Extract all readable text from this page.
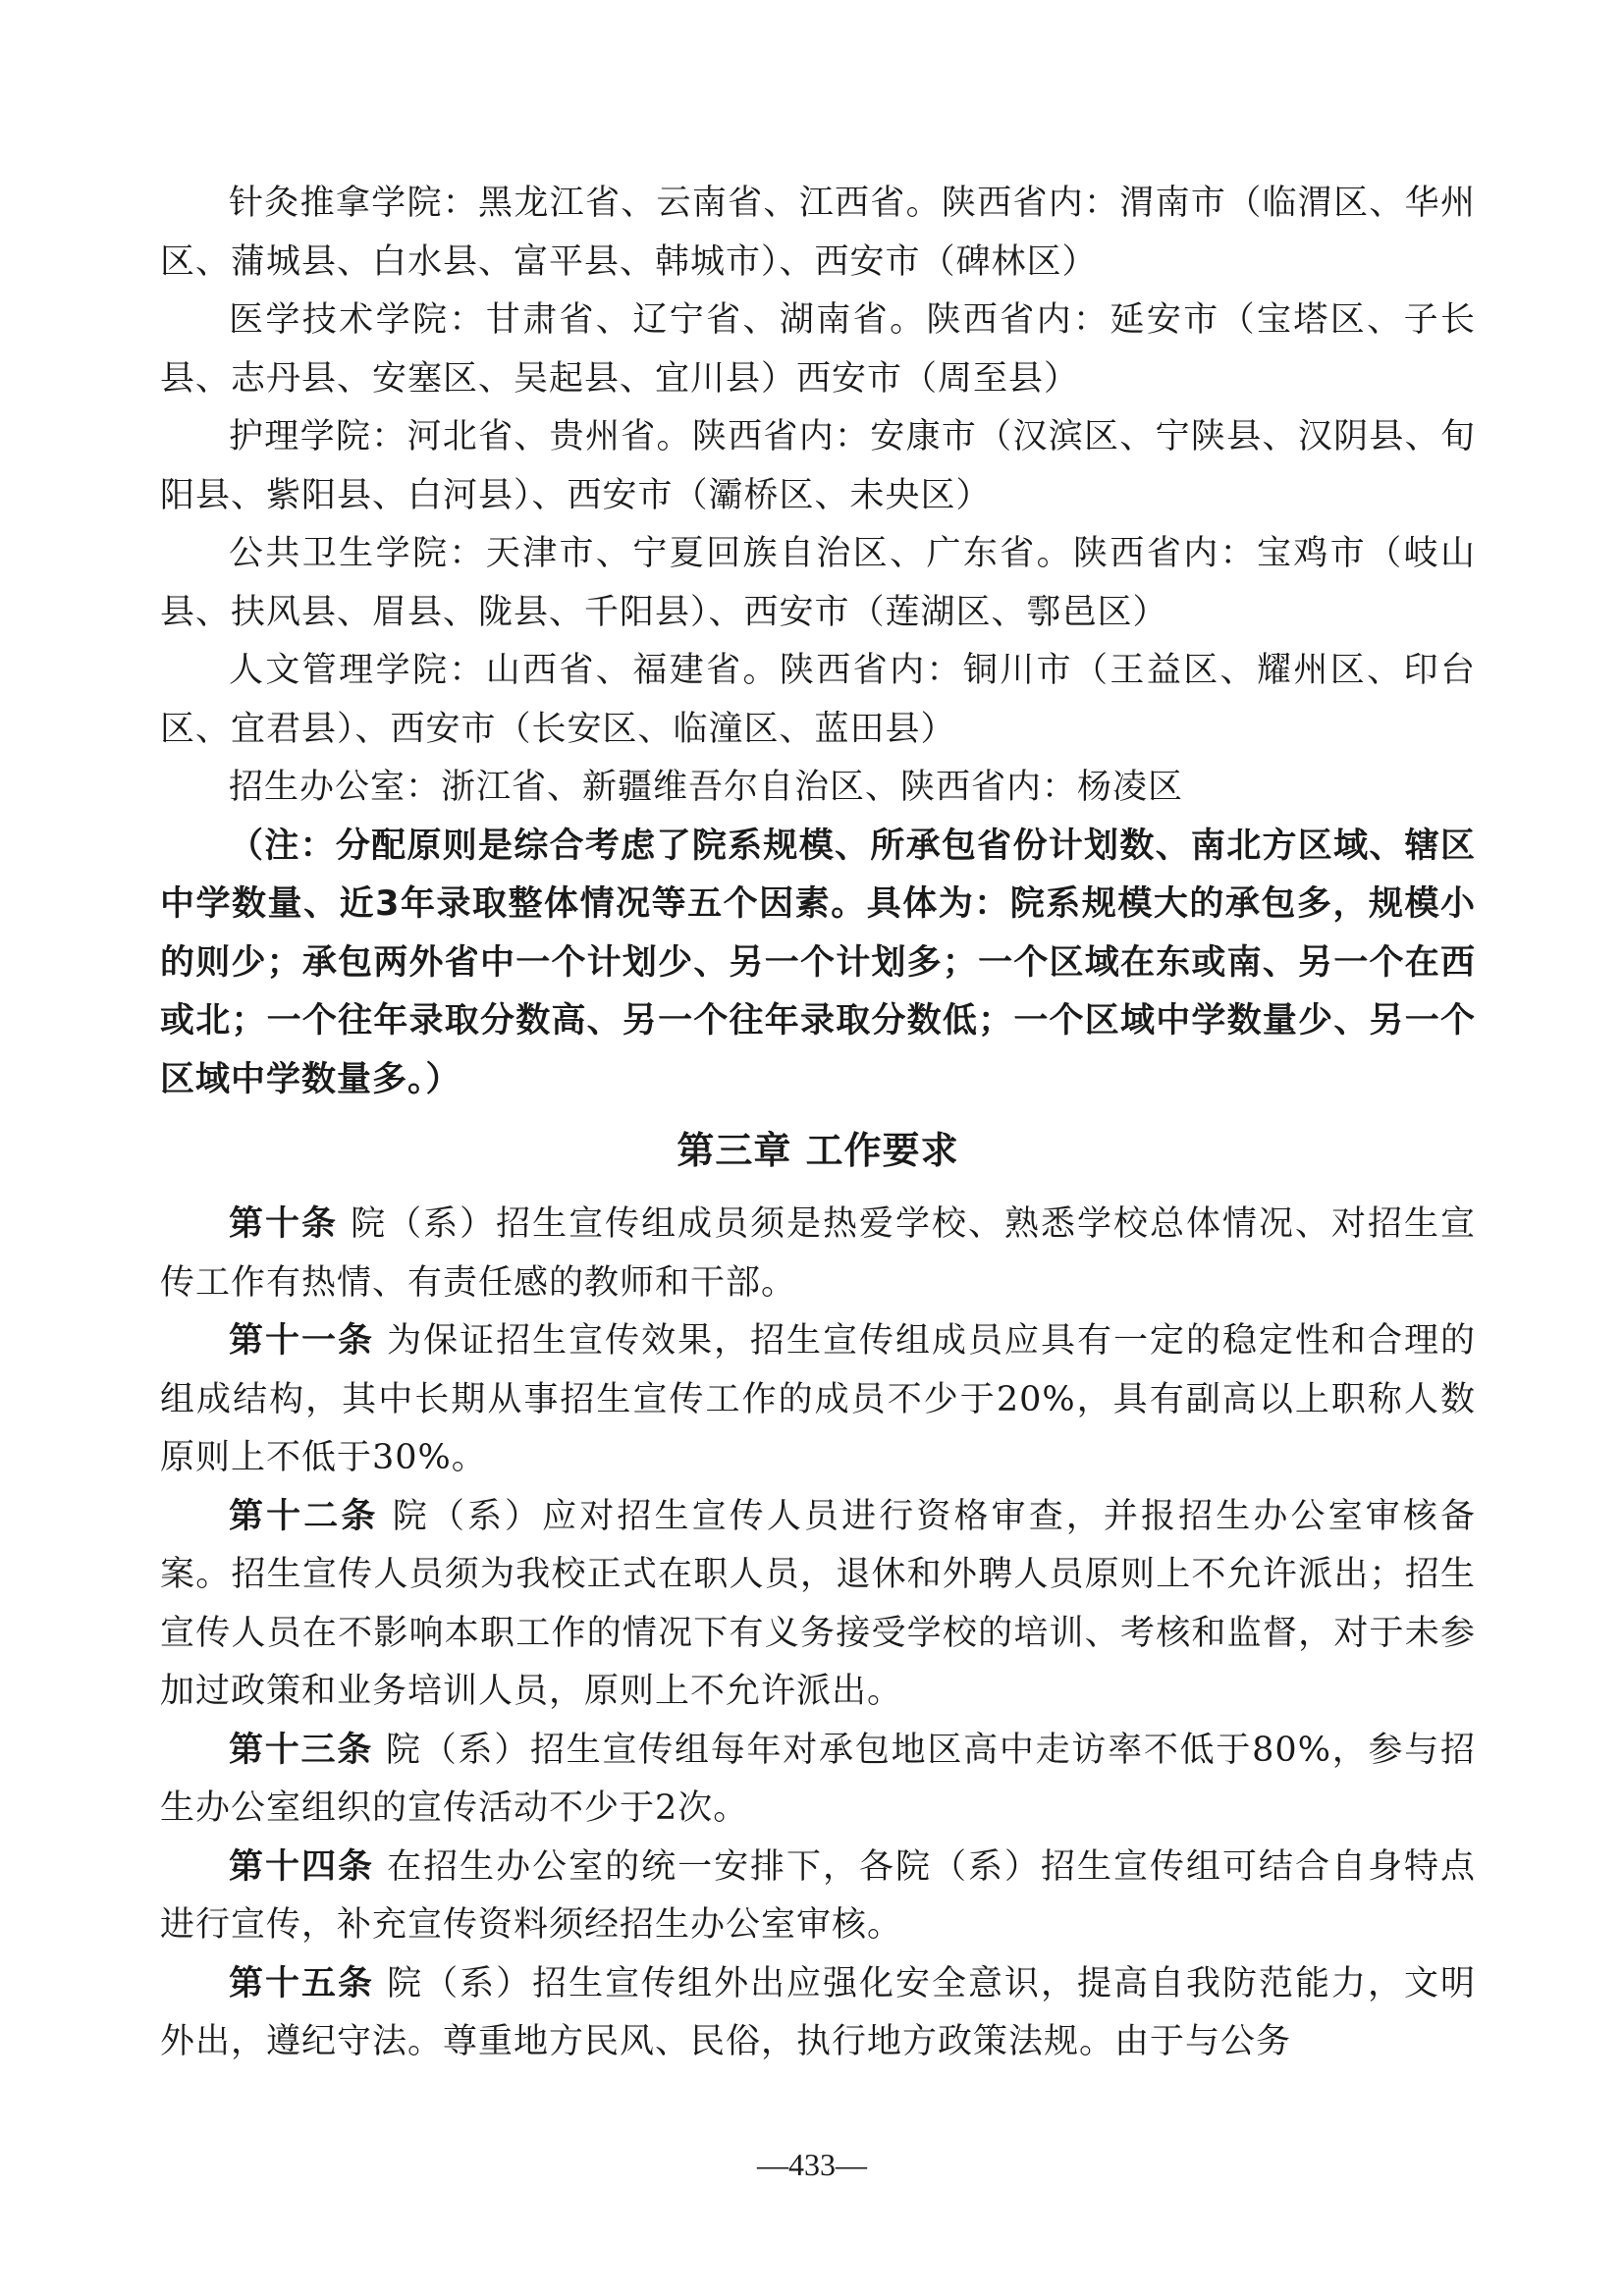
针灸推拿学院：黑龙江省、云南省、江西省。陕西省内：渭南市（临渭区、华州区、蒲城县、白水县、富平县、韩城市）、西安市（碑林区）

医学技术学院：甘肃省、辽宁省、湖南省。陕西省内：延安市（宝塔区、子长县、志丹县、安塞区、吴起县、宜川县）西安市（周至县）

护理学院：河北省、贵州省。陕西省内：安康市（汉滨区、宁陕县、汉阴县、旬阳县、紫阳县、白河县）、西安市（灞桥区、未央区）

公共卫生学院：天津市、宁夏回族自治区、广东省。陕西省内：宝鸡市（岐山县、扶风县、眉县、陇县、千阳县）、西安市（莲湖区、鄠邑区）

人文管理学院：山西省、福建省。陕西省内：铜川市（王益区、耀州区、印台区、宜君县）、西安市（长安区、临潼区、蓝田县）

招生办公室：浙江省、新疆维吾尔自治区、陕西省内：杨凌区

（注：分配原则是综合考虑了院系规模、所承包省份计划数、南北方区域、辖区中学数量、近3年录取整体情况等五个因素。具体为：院系规模大的承包多，规模小的则少；承包两外省中一个计划少、另一个计划多；一个区域在东或南、另一个在西或北；一个往年录取分数高、另一个往年录取分数低；一个区域中学数量少、另一个区域中学数量多。）

第三章 工作要求

第十条 院（系）招生宣传组成员须是热爱学校、熟悉学校总体情况、对招生宣传工作有热情、有责任感的教师和干部。

第十一条 为保证招生宣传效果，招生宣传组成员应具有一定的稳定性和合理的组成结构，其中长期从事招生宣传工作的成员不少于20%，具有副高以上职称人数原则上不低于30%。

第十二条 院（系）应对招生宣传人员进行资格审查，并报招生办公室审核备案。招生宣传人员须为我校正式在职人员，退休和外聘人员原则上不允许派出；招生宣传人员在不影响本职工作的情况下有义务接受学校的培训、考核和监督，对于未参加过政策和业务培训人员，原则上不允许派出。

第十三条 院（系）招生宣传组每年对承包地区高中走访率不低于80%，参与招生办公室组织的宣传活动不少于2次。

第十四条 在招生办公室的统一安排下，各院（系）招生宣传组可结合自身特点进行宣传，补充宣传资料须经招生办公室审核。

第十五条 院（系）招生宣传组外出应强化安全意识，提高自我防范能力，文明外出，遵纪守法。尊重地方民风、民俗，执行地方政策法规。由于与公务

—433—
